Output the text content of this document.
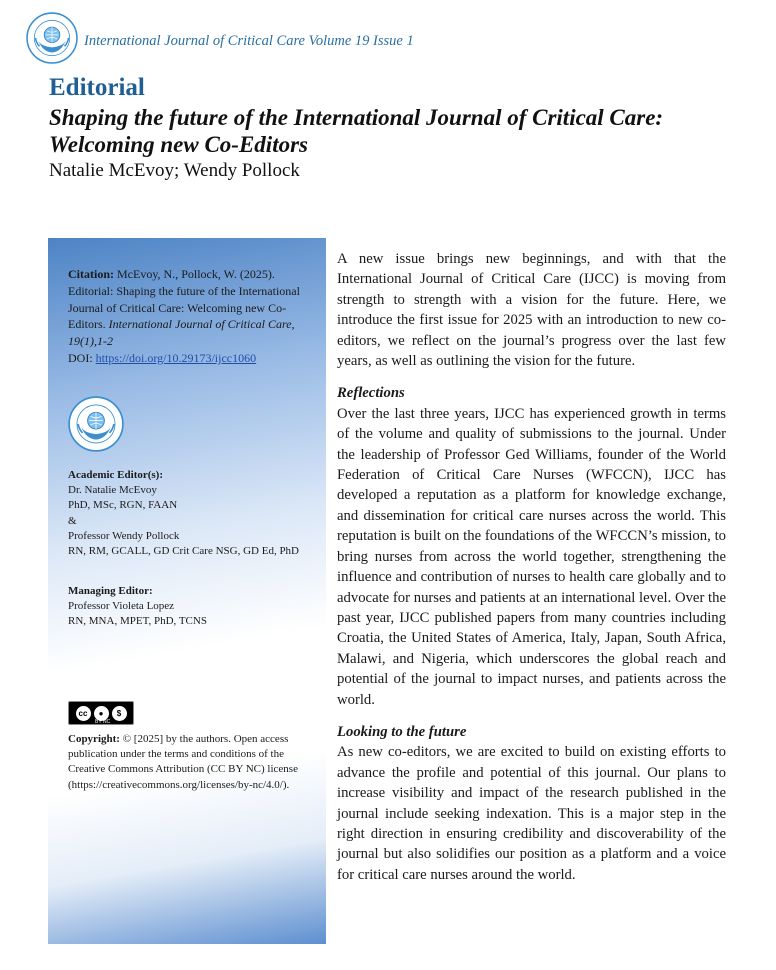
International Journal of Critical Care Volume 19 Issue 1
Editorial
Shaping the future of the International Journal of Critical Care: Welcoming new Co-Editors
Natalie McEvoy; Wendy Pollock
Citation: McEvoy, N., Pollock, W. (2025). Editorial: Shaping the future of the International Journal of Critical Care: Welcoming new Co-Editors. International Journal of Critical Care, 19(1),1-2
DOI: https://doi.org/10.29173/ijcc1060
Academic Editor(s):
Dr. Natalie McEvoy
PhD, MSc, RGN, FAAN
&
Professor Wendy Pollock
RN, RM, GCALL, GD Crit Care NSG, GD Ed, PhD
Managing Editor:
Professor Violeta Lopez
RN, MNA, MPET, PhD, TCNS
cc	●	$
BY NC
Copyright: © [2025] by the authors. Open access publication under the terms and conditions of the Creative Commons Attribution (CC BY NC) license (https://creativecommons.org/licenses/by-nc/4.0/).

A new issue brings new beginnings, and with that the International Journal of Critical Care (IJCC) is moving from strength to strength with a vision for the future. Here, we introduce the first issue for 2025 with an introduction to new co-editors, we reflect on the journal’s progress over the last few years, as well as outlining the vision for the future.

Reflections

Over the last three years, IJCC has experienced growth in terms of the volume and quality of submissions to the journal. Under the leadership of Professor Ged Williams, founder of the World Federation of Critical Care Nurses (WFCCN), IJCC has developed a reputation as a platform for knowledge exchange, and dissemination for critical care nurses across the world. This reputation is built on the foundations of the WFCCN’s mission, to bring nurses from across the world together, strengthening the influence and contribution of nurses to health care globally and to advocate for nurses and patients at an international level. Over the past year, IJCC published papers from many countries including Croatia, the United States of America, Italy, Japan, South Africa, Malawi, and Nigeria, which underscores the global reach and potential of the journal to impact nurses, and patients across the world.

Looking to the future

As new co-editors, we are excited to build on existing efforts to advance the profile and potential of this journal. Our plans to increase visibility and impact of the research published in the journal include seeking indexation. This is a major step in the right direction in ensuring credibility and discoverability of the journal but also solidifies our position as a platform and a voice for critical care nurses around the world.
